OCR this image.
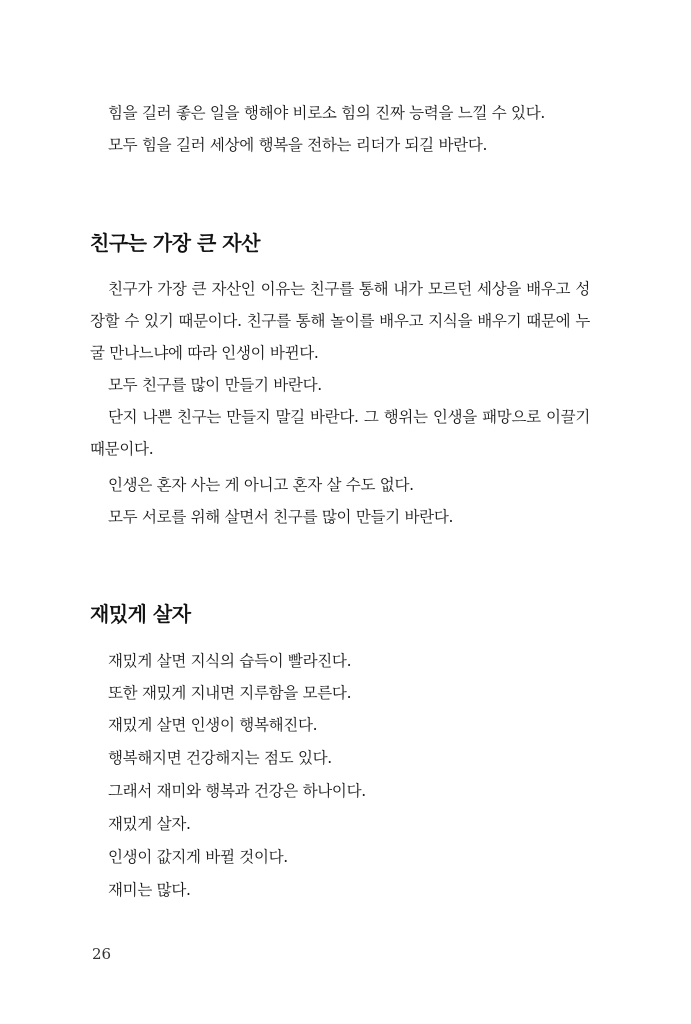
힘을 길러 좋은 일을 행해야 비로소 힘의 진짜 능력을 느낄 수 있다.

모두 힘을 길러 세상에 행복을 전하는 리더가 되길 바란다.

친구는 가장 큰 자산

친구가 가장 큰 자산인 이유는 친구를 통해 내가 모르던 세상을 배우고 성장할 수 있기 때문이다. 친구를 통해 놀이를 배우고 지식을 배우기 때문에 누굴 만나느냐에 따라 인생이 바뀐다.

모두 친구를 많이 만들기 바란다.

단지 나쁜 친구는 만들지 말길 바란다. 그 행위는 인생을 패망으로 이끌기 때문이다.

인생은 혼자 사는 게 아니고 혼자 살 수도 없다.

모두 서로를 위해 살면서 친구를 많이 만들기 바란다.

재밌게 살자

재밌게 살면 지식의 습득이 빨라진다.

또한 재밌게 지내면 지루함을 모른다.

재밌게 살면 인생이 행복해진다.

행복해지면 건강해지는 점도 있다.

그래서 재미와 행복과 건강은 하나이다.

재밌게 살자.

인생이 값지게 바뀔 것이다.

재미는 많다.

26
